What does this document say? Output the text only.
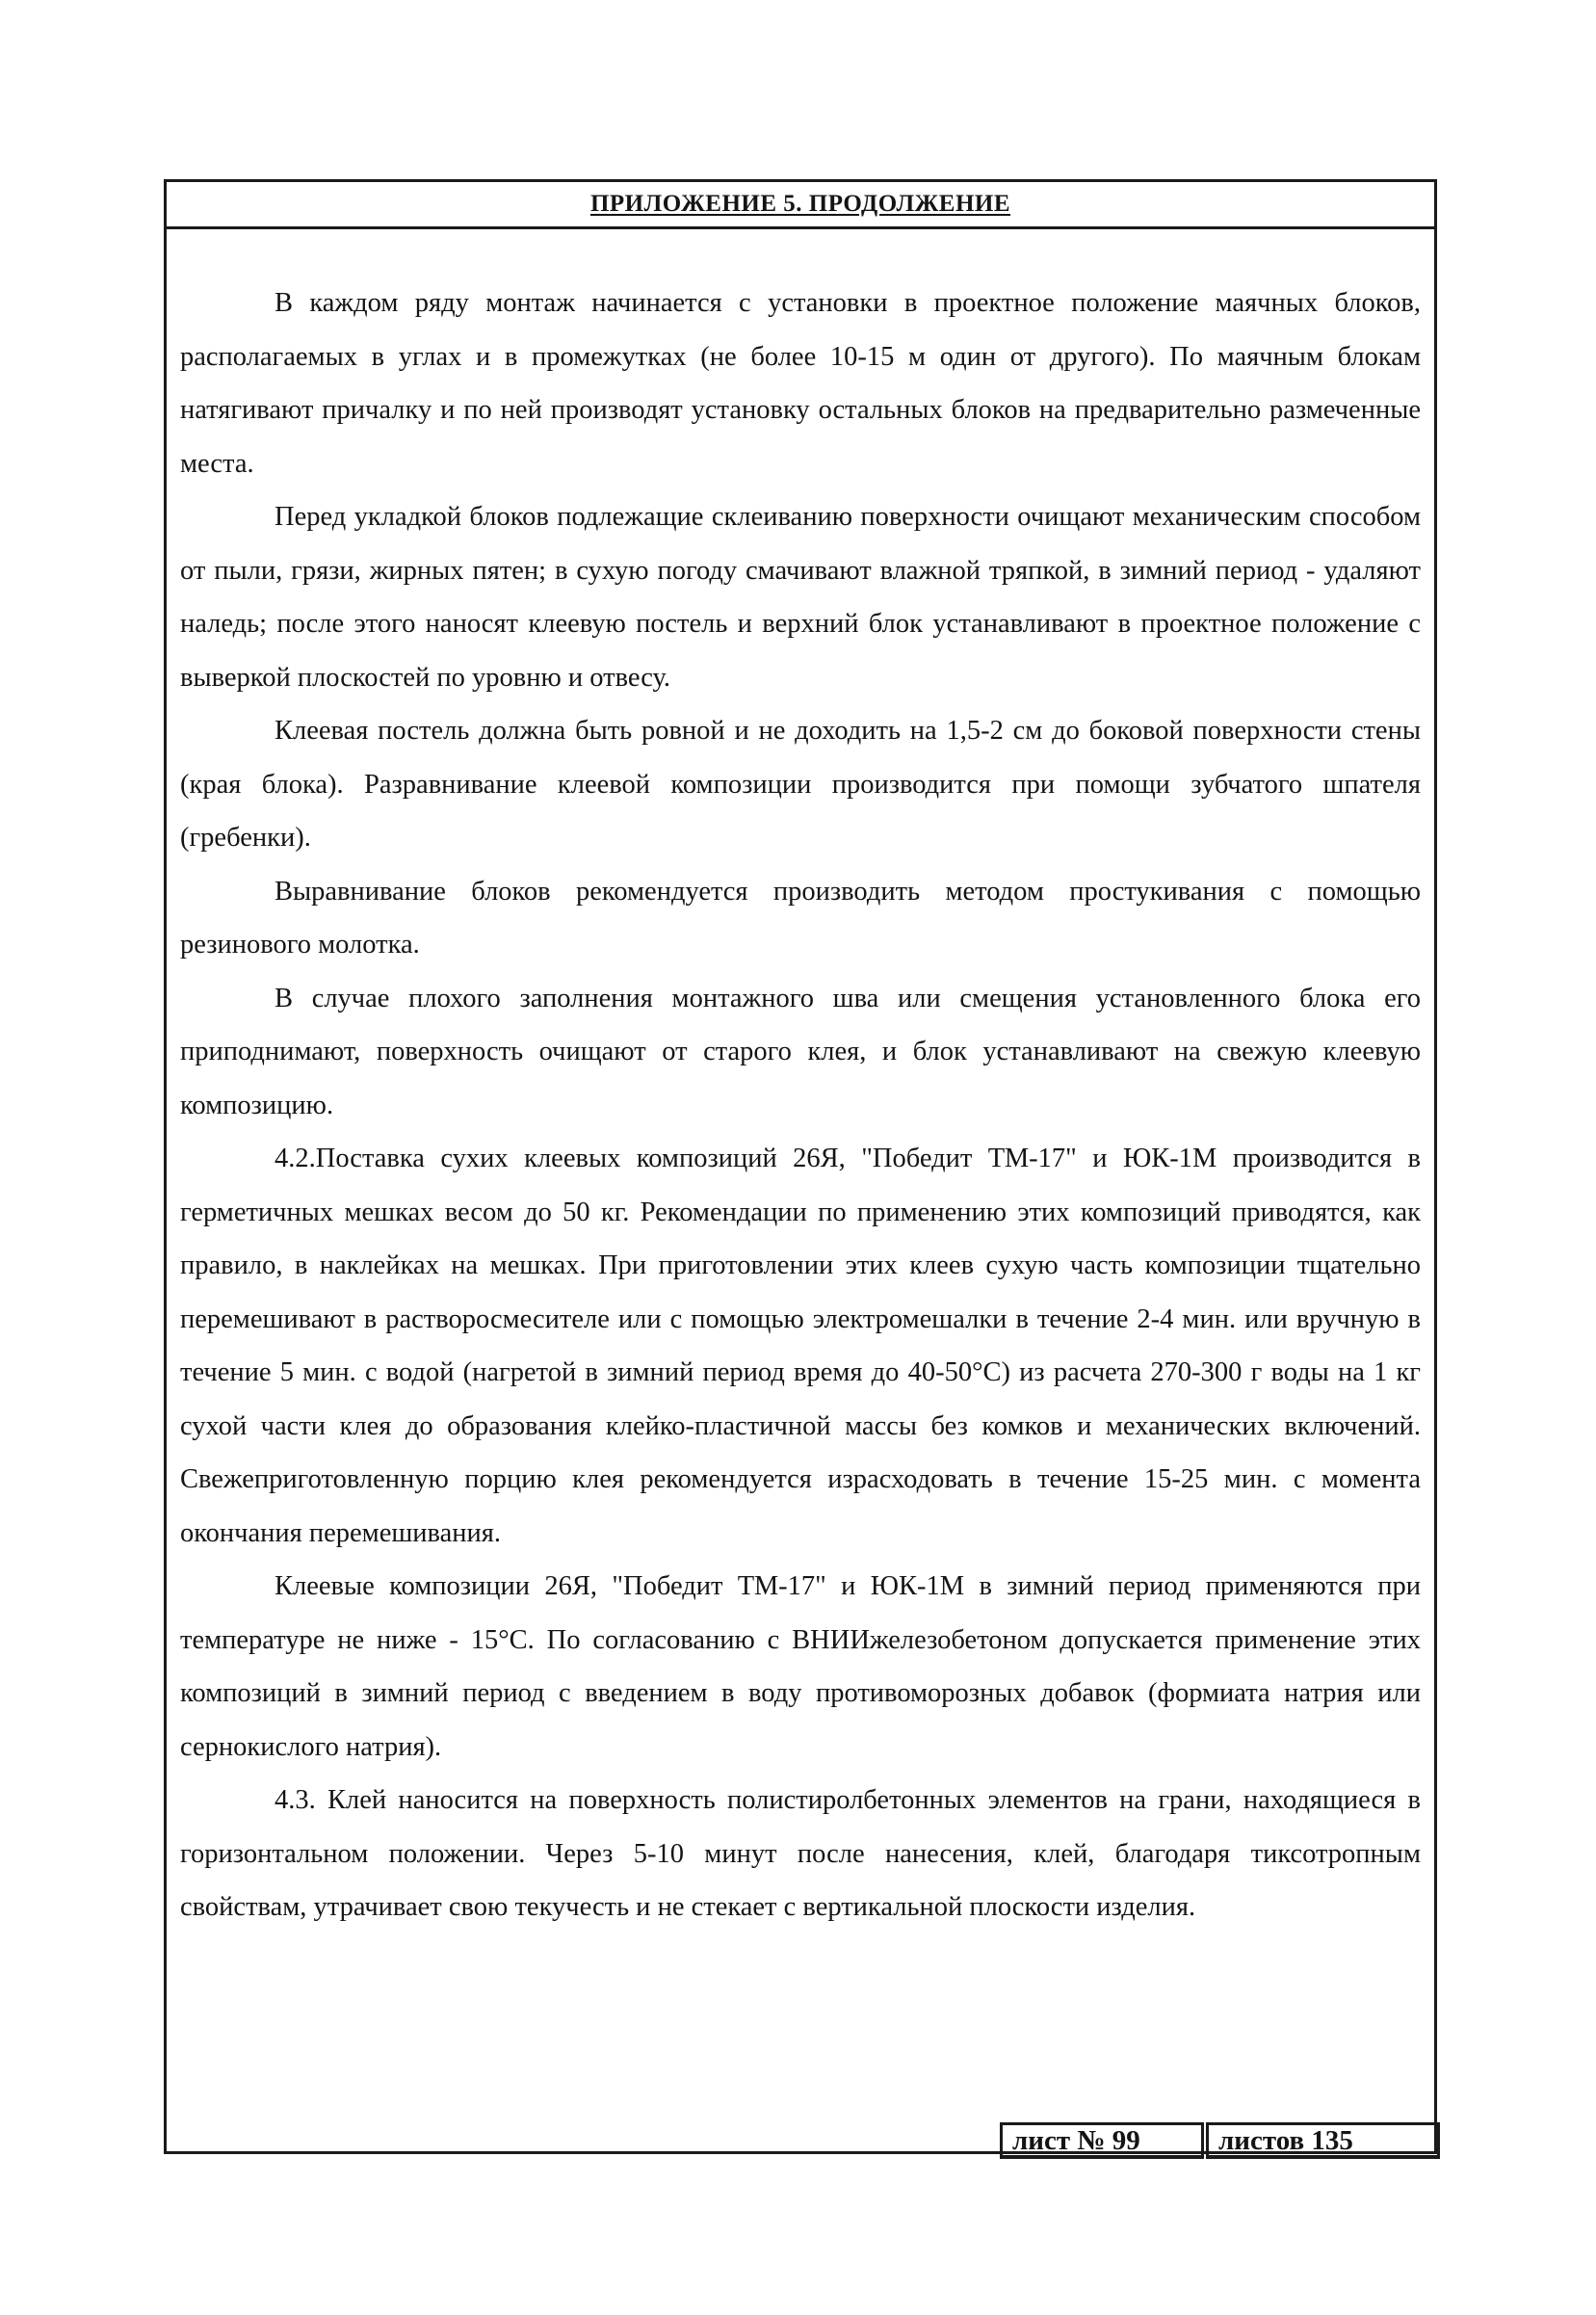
ПРИЛОЖЕНИЕ 5. ПРОДОЛЖЕНИЕ

В каждом ряду монтаж начинается с установки в проектное положение маячных блоков, располагаемых в углах и в промежутках (не более 10-15 м один от другого). По маячным блокам натягивают причалку и по ней производят установку остальных блоков на предварительно размеченные места.

Перед укладкой блоков подлежащие склеиванию поверхности очищают механическим способом от пыли, грязи, жирных пятен; в сухую погоду смачивают влажной тряпкой, в зимний период - удаляют наледь; после этого наносят клеевую постель и верхний блок устанавливают в проектное положение с выверкой плоскостей по уровню и отвесу.

Клеевая постель должна быть ровной и не доходить на 1,5-2 см до боковой поверхности стены (края блока). Разравнивание клеевой композиции производится при помощи зубчатого шпателя (гребенки).

Выравнивание блоков рекомендуется производить методом простукивания с помощью резинового молотка.

В случае плохого заполнения монтажного шва или смещения установленного блока его приподнимают, поверхность очищают от старого клея, и блок устанавливают на свежую клеевую композицию.

4.2.Поставка сухих клеевых композиций 26Я, "Победит ТМ-17" и ЮК-1М производится в герметичных мешках весом до 50 кг. Рекомендации по применению этих композиций приводятся, как правило, в наклейках на мешках. При приготовлении этих клеев сухую часть композиции тщательно перемешивают в растворосмесителе или с помощью электромешалки в течение 2-4 мин. или вручную в течение 5 мин. с водой (нагретой в зимний период время до 40-50°С) из расчета 270-300 г воды на 1 кг сухой части клея до образования клейко-пластичной массы без комков и механических включений. Свежеприготовленную порцию клея рекомендуется израсходовать в течение 15-25 мин. с момента окончания перемешивания.

Клеевые композиции 26Я, "Победит ТМ-17" и ЮК-1М в зимний период применяются при температуре не ниже - 15°С. По согласованию с ВНИИжелезобетоном допускается применение этих композиций в зимний период с введением в воду противоморозных добавок (формиата натрия или сернокислого натрия).

4.3. Клей наносится на поверхность полистиролбетонных элементов на грани, находящиеся в горизонтальном положении. Через 5-10 минут после нанесения, клей, благодаря тиксотропным свойствам, утрачивает свою текучесть и не стекает с вертикальной плоскости изделия.

лист № 99	листов 135
